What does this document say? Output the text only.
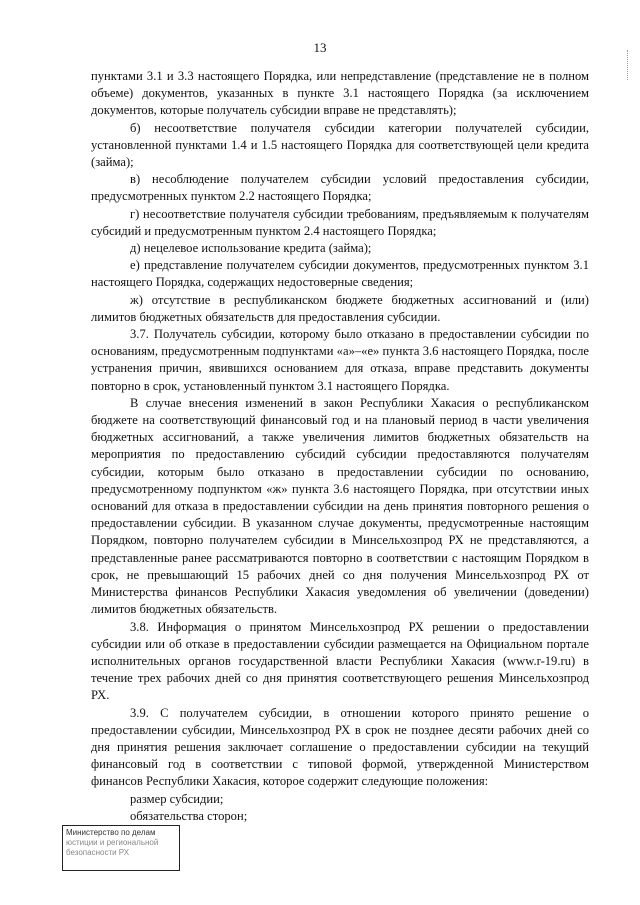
13

пунктами 3.1 и 3.3 настоящего Порядка, или непредставление (представление не в полном объеме) документов, указанных в пункте 3.1 настоящего Порядка (за исключением документов, которые получатель субсидии вправе не представлять);

б) несоответствие получателя субсидии категории получателей субсидии, установленной пунктами 1.4 и 1.5 настоящего Порядка для соответствующей цели кредита (займа);

в) несоблюдение получателем субсидии условий предоставления субсидии, предусмотренных пунктом 2.2 настоящего Порядка;

г) несоответствие получателя субсидии требованиям, предъявляемым к получателям субсидий и предусмотренным пунктом 2.4 настоящего Порядка;

д) нецелевое использование кредита (займа);

е) представление получателем субсидии документов, предусмотренных пунктом 3.1 настоящего Порядка, содержащих недостоверные сведения;

ж) отсутствие в республиканском бюджете бюджетных ассигнований и (или) лимитов бюджетных обязательств для предоставления субсидии.

3.7. Получатель субсидии, которому было отказано в предоставлении субсидии по основаниям, предусмотренным подпунктами «а»–«е» пункта 3.6 настоящего Порядка, после устранения причин, явившихся основанием для отказа, вправе представить документы повторно в срок, установленный пунктом 3.1 настоящего Порядка.

В случае внесения изменений в закон Республики Хакасия о республиканском бюджете на соответствующий финансовый год и на плановый период в части увеличения бюджетных ассигнований, а также увеличения лимитов бюджетных обязательств на мероприятия по предоставлению субсидий субсидии предоставляются получателям субсидии, которым было отказано в предоставлении субсидии по основанию, предусмотренному подпунктом «ж» пункта 3.6 настоящего Порядка, при отсутствии иных оснований для отказа в предоставлении субсидии на день принятия повторного решения о предоставлении субсидии. В указанном случае документы, предусмотренные настоящим Порядком, повторно получателем субсидии в Минсельхозпрод РХ не представляются, а представленные ранее рассматриваются повторно в соответствии с настоящим Порядком в срок, не превышающий 15 рабочих дней со дня получения Минсельхозпрод РХ от Министерства финансов Республики Хакасия уведомления об увеличении (доведении) лимитов бюджетных обязательств.

3.8. Информация о принятом Минсельхозпрод РХ решении о предоставлении субсидии или об отказе в предоставлении субсидии размещается на Официальном портале исполнительных органов государственной власти Республики Хакасия (www.r-19.ru) в течение трех рабочих дней со дня принятия соответствующего решения Минсельхозпрод РХ.

3.9. С получателем субсидии, в отношении которого принято решение о предоставлении субсидии, Минсельхозпрод РХ в срок не позднее десяти рабочих дней со дня принятия решения заключает соглашение о предоставлении субсидии на текущий финансовый год в соответствии с типовой формой, утвержденной Министерством финансов Республики Хакасия, которое содержит следующие положения:

размер субсидии;

обязательства сторон;

Министерство по делам
юстиции и региональной
безопасности РХ
